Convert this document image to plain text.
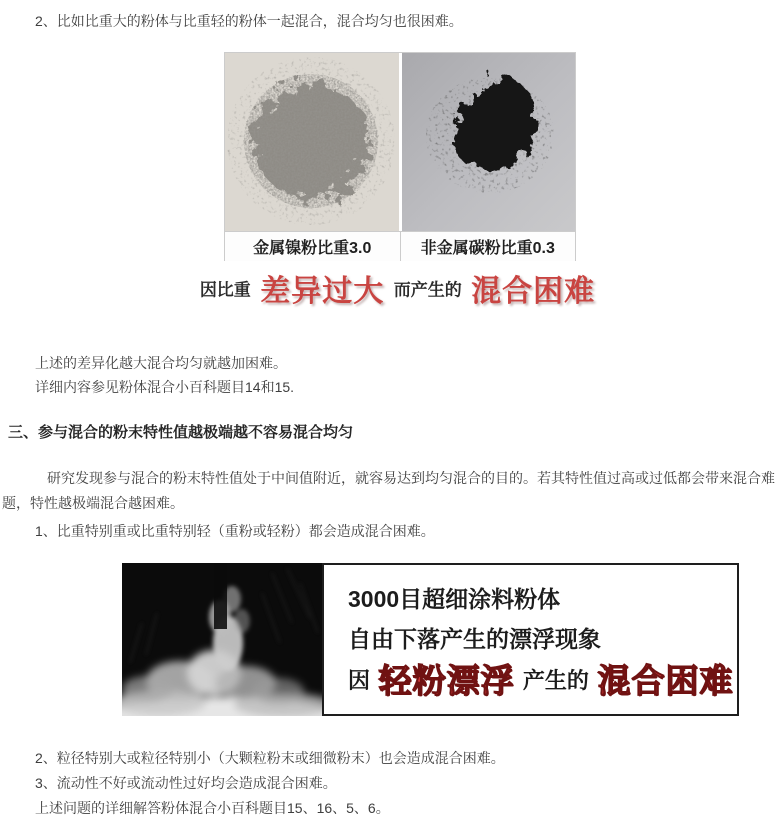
2、比如比重大的粉体与比重轻的粉体一起混合，混合均匀也很困难。

金属镍粉比重3.0	非金属碳粉比重0.3
因比重 差异过大 而产生的 混合困难

上述的差异化越大混合均匀就越加困难。

详细内容参见粉体混合小百科题目14和15.

三、参与混合的粉末特性值越极端越不容易混合均匀

研究发现参与混合的粉末特性值处于中间值附近，就容易达到均匀混合的目的。若其特性值过高或过低都会带来混合难题，特性越极端混合越困难。

1、比重特别重或比重特别轻（重粉或轻粉）都会造成混合困难。

3000目超细涂料粉体

自由下落产生的漂浮现象

因 轻粉漂浮 产生的 混合困难

2、粒径特别大或粒径特别小（大颗粒粉末或细微粉末）也会造成混合困难。

3、流动性不好或流动性过好均会造成混合困难。

上述问题的详细解答粉体混合小百科题目15、16、5、6。
